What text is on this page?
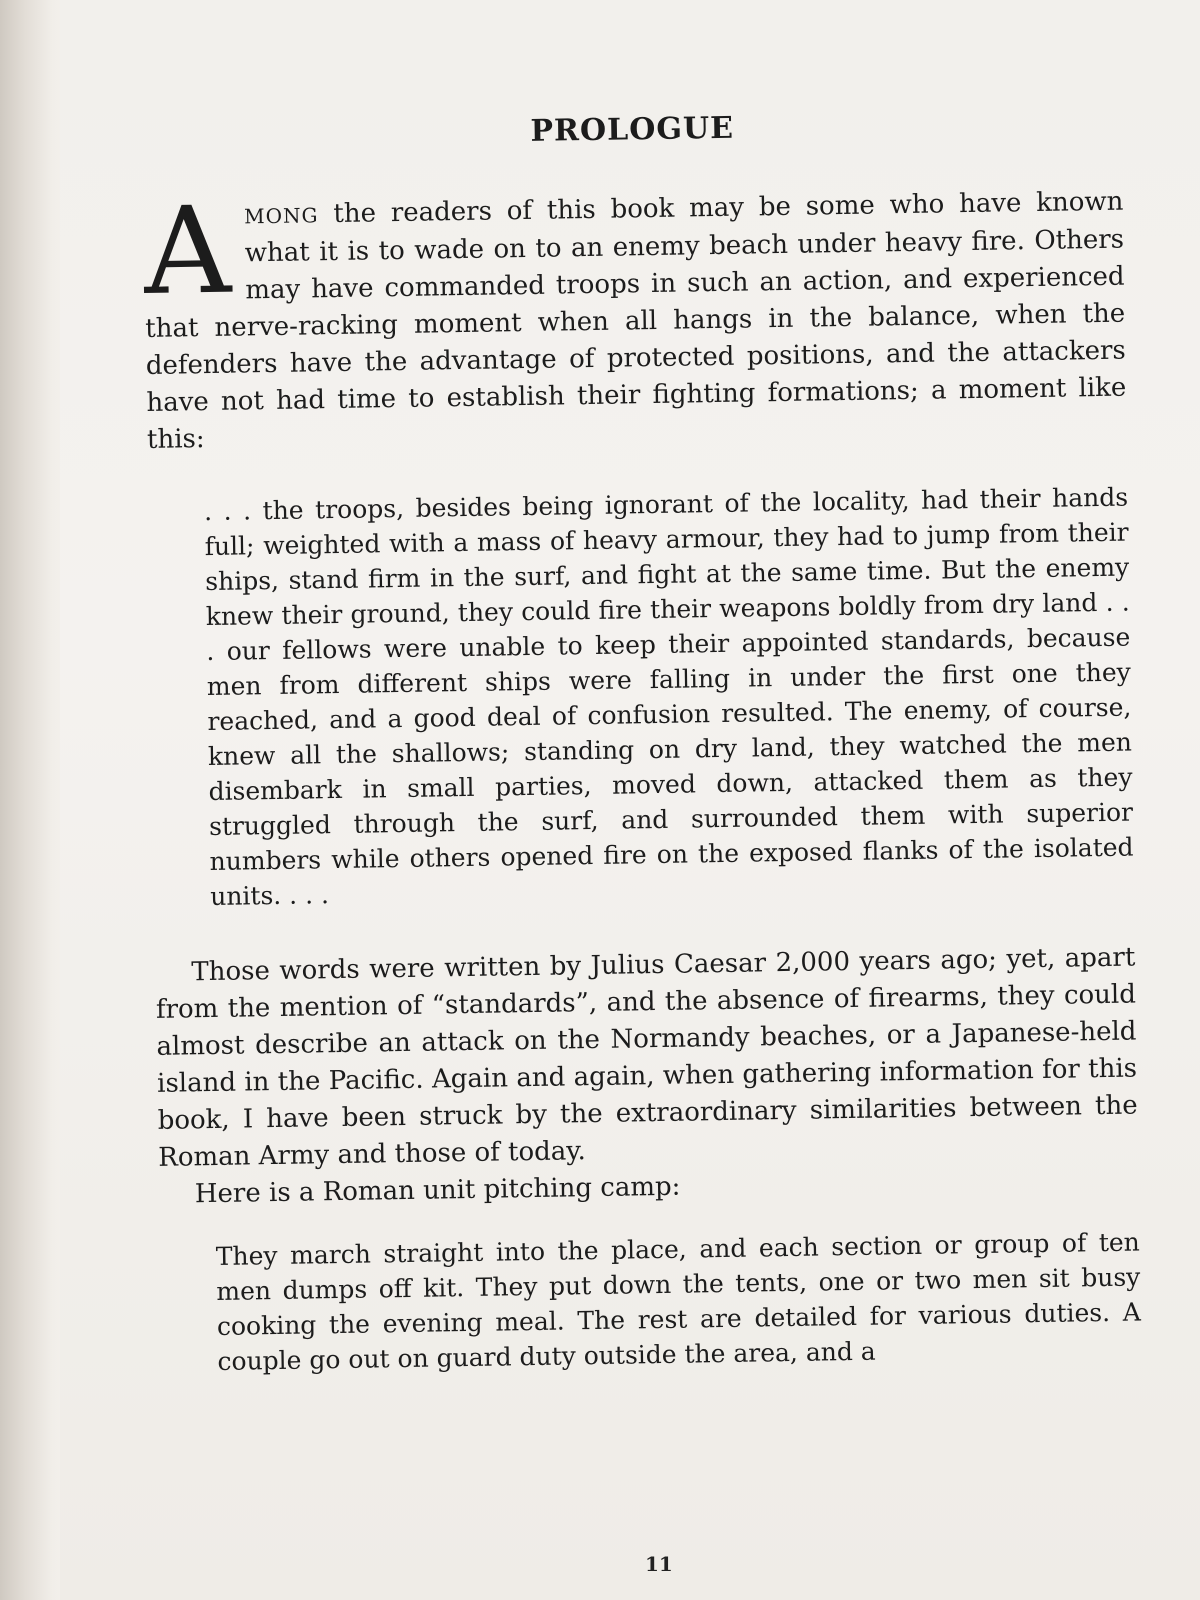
PROLOGUE

AMONG the readers of this book may be some who have known what it is to wade on to an enemy beach under heavy fire. Others may have commanded troops in such an action, and experienced that nerve-racking moment when all hangs in the balance, when the defenders have the advantage of protected positions, and the attackers have not had time to establish their fighting formations; a moment like this:

. . . the troops, besides being ignorant of the locality, had their hands full; weighted with a mass of heavy armour, they had to jump from their ships, stand firm in the surf, and fight at the same time. But the enemy knew their ground, they could fire their weapons boldly from dry land . . . our fellows were unable to keep their appointed standards, because men from different ships were falling in under the first one they reached, and a good deal of confusion resulted. The enemy, of course, knew all the shallows; standing on dry land, they watched the men disembark in small parties, moved down, attacked them as they struggled through the surf, and surrounded them with superior numbers while others opened fire on the exposed flanks of the isolated units. . . .

Those words were written by Julius Caesar 2,000 years ago; yet, apart from the mention of “standards”, and the absence of firearms, they could almost describe an attack on the Normandy beaches, or a Japanese-held island in the Pacific. Again and again, when gathering information for this book, I have been struck by the extraordinary similarities between the Roman Army and those of today.

Here is a Roman unit pitching camp:

They march straight into the place, and each section or group of ten men dumps off kit. They put down the tents, one or two men sit busy cooking the evening meal. The rest are detailed for various duties. A couple go out on guard duty outside the area, and a

11
